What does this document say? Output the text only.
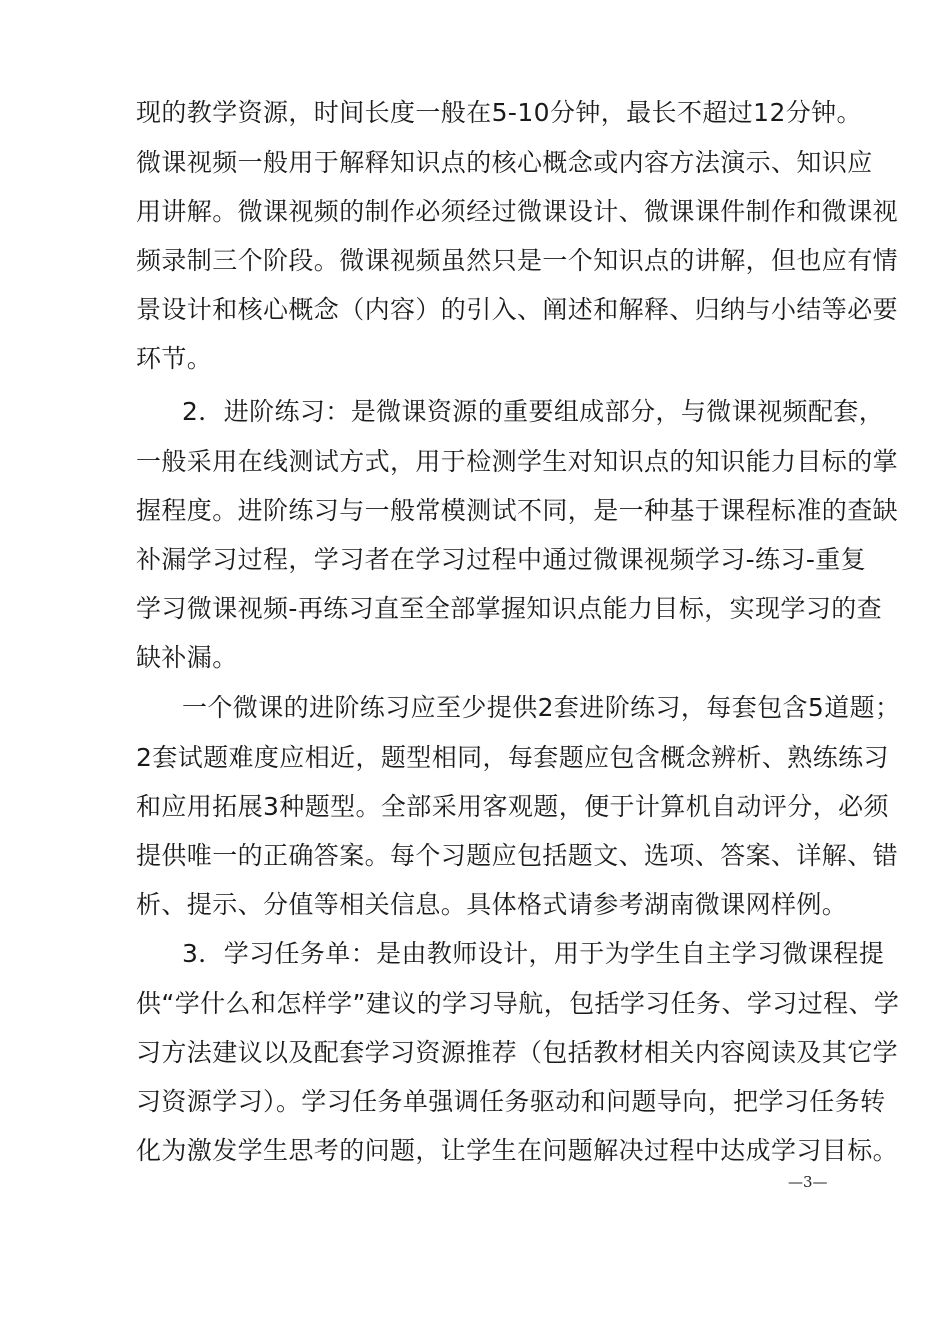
现的教学资源，时间长度一般在5-10分钟，最长不超过12分钟。
微课视频一般用于解释知识点的核心概念或内容方法演示、知识应
用讲解。微课视频的制作必须经过微课设计、微课课件制作和微课视
频录制三个阶段。微课视频虽然只是一个知识点的讲解，但也应有情
景设计和核心概念（内容）的引入、阐述和解释、归纳与小结等必要
环节。
2．进阶练习：是微课资源的重要组成部分，与微课视频配套，
一般采用在线测试方式，用于检测学生对知识点的知识能力目标的掌
握程度。进阶练习与一般常模测试不同，是一种基于课程标准的查缺
补漏学习过程，学习者在学习过程中通过微课视频学习-练习-重复
学习微课视频-再练习直至全部掌握知识点能力目标，实现学习的查
缺补漏。
一个微课的进阶练习应至少提供2套进阶练习，每套包含5道题；
2套试题难度应相近，题型相同，每套题应包含概念辨析、熟练练习
和应用拓展3种题型。全部采用客观题，便于计算机自动评分，必须
提供唯一的正确答案。每个习题应包括题文、选项、答案、详解、错
析、提示、分值等相关信息。具体格式请参考湖南微课网样例。
3．学习任务单：是由教师设计，用于为学生自主学习微课程提
供“学什么和怎样学”建议的学习导航，包括学习任务、学习过程、学
习方法建议以及配套学习资源推荐（包括教材相关内容阅读及其它学
习资源学习）。学习任务单强调任务驱动和问题导向，把学习任务转
化为激发学生思考的问题，让学生在问题解决过程中达成学习目标。
—3—
